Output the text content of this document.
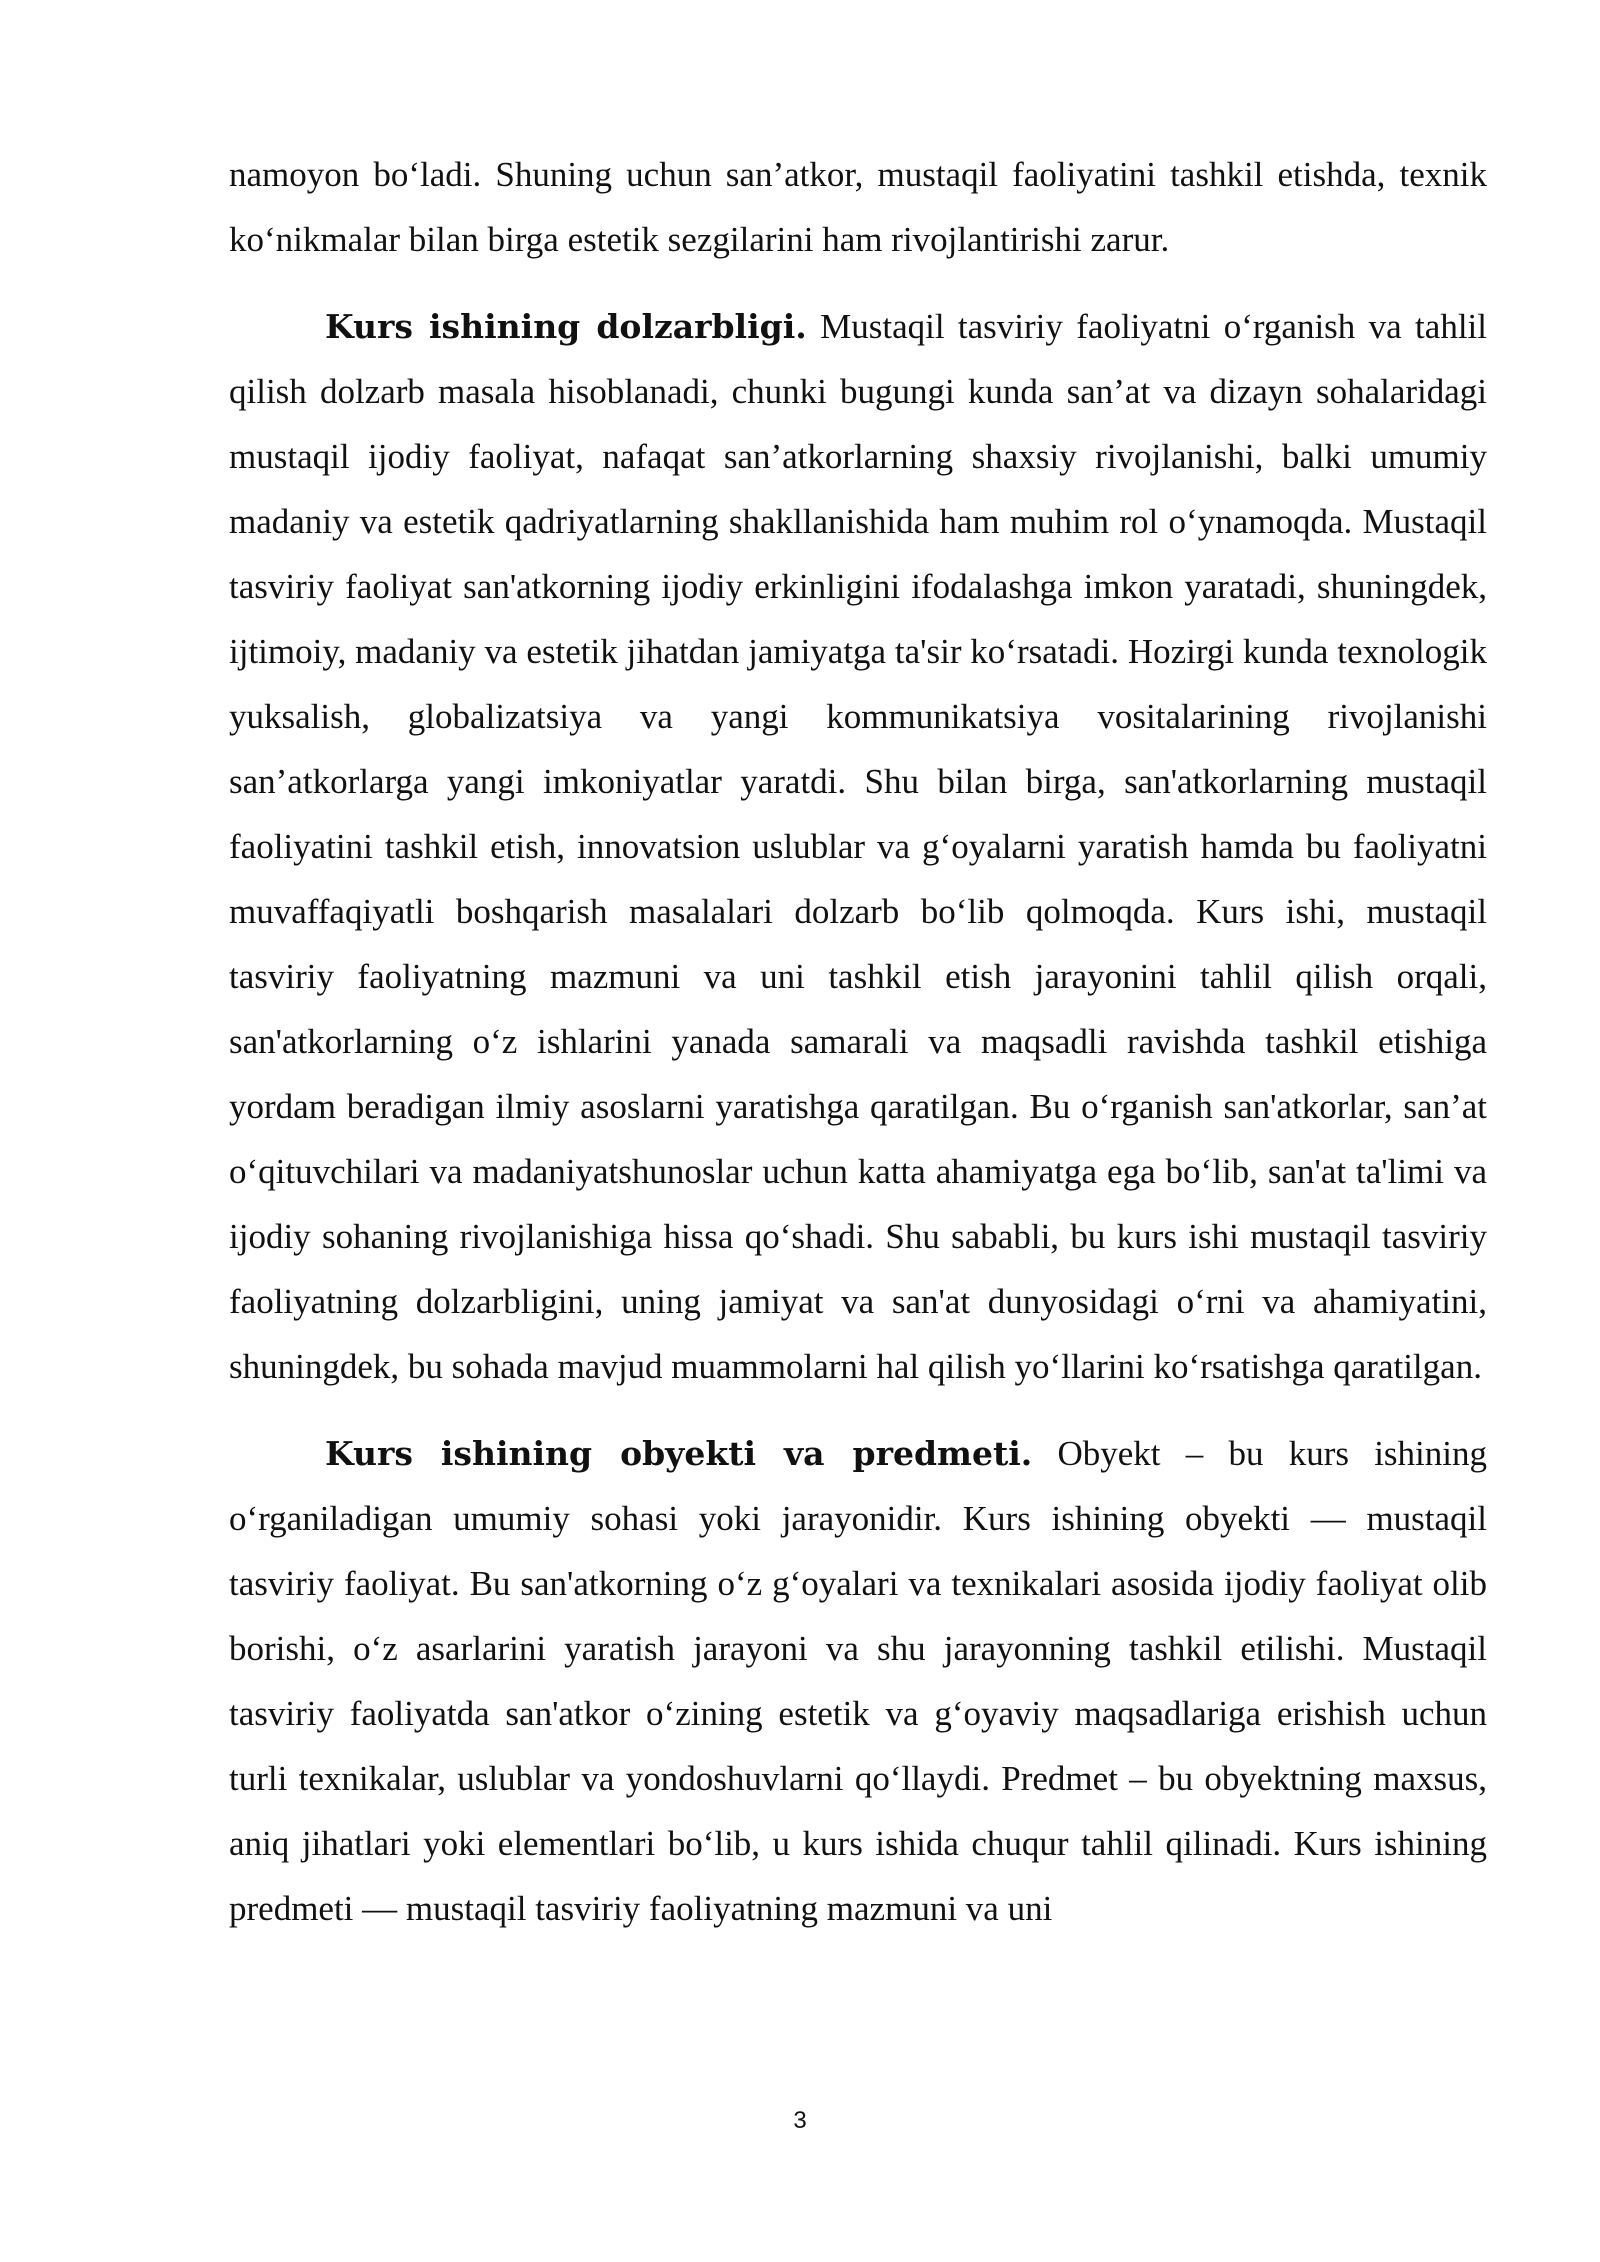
namoyon bo‘ladi. Shuning uchun san’atkor, mustaqil faoliyatini tashkil etishda, texnik ko‘nikmalar bilan birga estetik sezgilarini ham rivojlantirishi zarur.

Kurs ishining dolzarbligi. Mustaqil tasviriy faoliyatni o‘rganish va tahlil qilish dolzarb masala hisoblanadi, chunki bugungi kunda san’at va dizayn sohalaridagi mustaqil ijodiy faoliyat, nafaqat san’atkorlarning shaxsiy rivojlanishi, balki umumiy madaniy va estetik qadriyatlarning shakllanishida ham muhim rol o‘ynamoqda. Mustaqil tasviriy faoliyat san'atkorning ijodiy erkinligini ifodalashga imkon yaratadi, shuningdek, ijtimoiy, madaniy va estetik jihatdan jamiyatga ta'sir ko‘rsatadi. Hozirgi kunda texnologik yuksalish, globalizatsiya va yangi kommunikatsiya vositalarining rivojlanishi san’atkorlarga yangi imkoniyatlar yaratdi. Shu bilan birga, san'atkorlarning mustaqil faoliyatini tashkil etish, innovatsion uslublar va g‘oyalarni yaratish hamda bu faoliyatni muvaffaqiyatli boshqarish masalalari dolzarb bo‘lib qolmoqda. Kurs ishi, mustaqil tasviriy faoliyatning mazmuni va uni tashkil etish jarayonini tahlil qilish orqali, san'atkorlarning o‘z ishlarini yanada samarali va maqsadli ravishda tashkil etishiga yordam beradigan ilmiy asoslarni yaratishga qaratilgan. Bu o‘rganish san'atkorlar, san’at o‘qituvchilari va madaniyatshunoslar uchun katta ahamiyatga ega bo‘lib, san'at ta'limi va ijodiy sohaning rivojlanishiga hissa qo‘shadi. Shu sababli, bu kurs ishi mustaqil tasviriy faoliyatning dolzarbligini, uning jamiyat va san'at dunyosidagi o‘rni va ahamiyatini, shuningdek, bu sohada mavjud muammolarni hal qilish yo‘llarini ko‘rsatishga qaratilgan.

Kurs ishining obyekti va predmeti. Obyekt – bu kurs ishining o‘rganiladigan umumiy sohasi yoki jarayonidir. Kurs ishining obyekti — mustaqil tasviriy faoliyat. Bu san'atkorning o‘z g‘oyalari va texnikalari asosida ijodiy faoliyat olib borishi, o‘z asarlarini yaratish jarayoni va shu jarayonning tashkil etilishi. Mustaqil tasviriy faoliyatda san'atkor o‘zining estetik va g‘oyaviy maqsadlariga erishish uchun turli texnikalar, uslublar va yondoshuvlarni qo‘llaydi. Predmet – bu obyektning maxsus, aniq jihatlari yoki elementlari bo‘lib, u kurs ishida chuqur tahlil qilinadi. Kurs ishining predmeti — mustaqil tasviriy faoliyatning mazmuni va uni

3
